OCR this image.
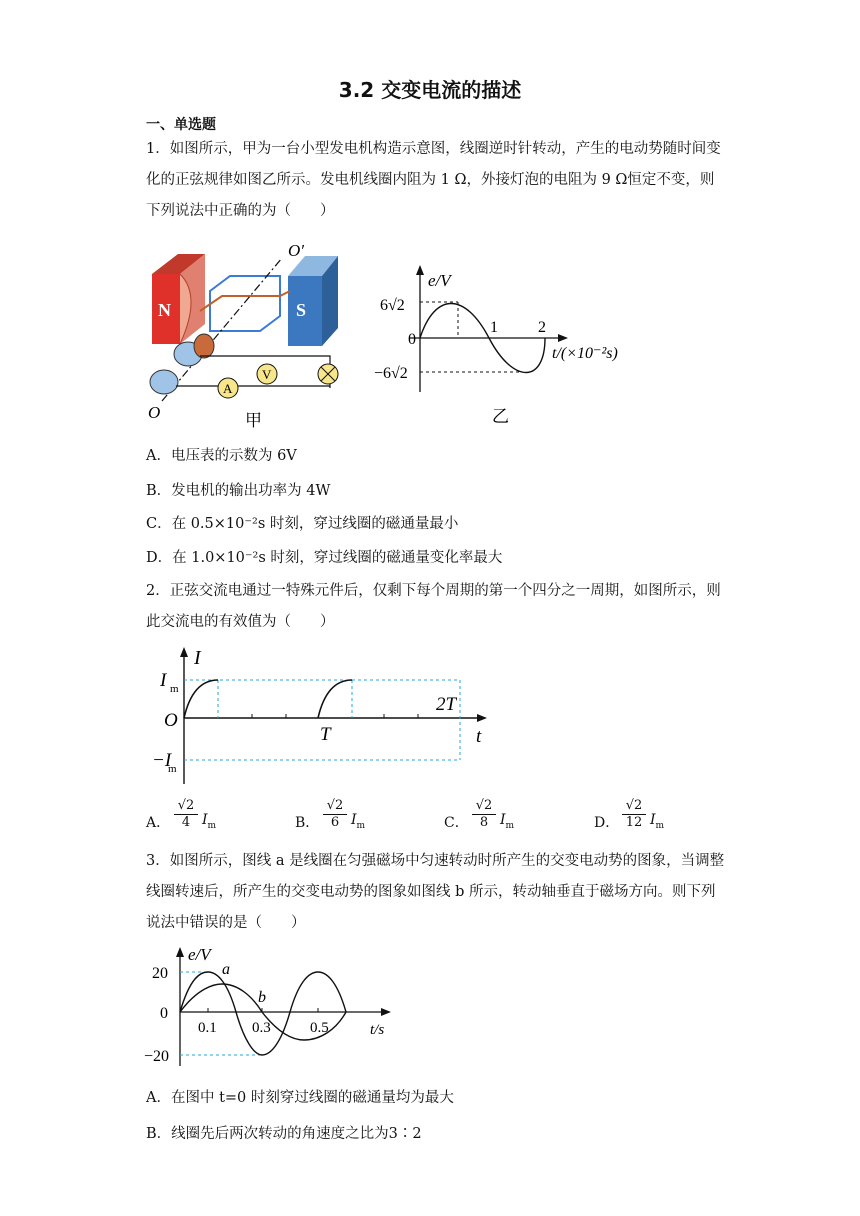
3.2 交变电流的描述
一、单选题
1．如图所示，甲为一台小型发电机构造示意图，线圈逆时针转动，产生的电动势随时间变化的正弦规律如图乙所示。发电机线圈内阻为 1 Ω，外接灯泡的电阻为 9 Ω恒定不变，则下列说法中正确的为（　　）
N	S
O′
O
A
V
甲
e/V
6√2
0
−6√2
1	2
t/(×10⁻²s)
乙
A．电压表的示数为 6V
B．发电机的输出功率为 4W
C．在 0.5×10⁻²s 时刻，穿过线圈的磁通量最小
D．在 1.0×10⁻²s 时刻，穿过线圈的磁通量变化率最大
2．正弦交流电通过一特殊元件后，仅剩下每个周期的第一个四分之一周期，如图所示，则此交流电的有效值为（　　）
I
I m
O
−I
m
T
2T
t
A． $\frac{√2}{4} I_m$	B． $\frac{√2}{6} I_m$	C． $\frac{√2}{8} I_m$	D． $\frac{√2}{12} I_m$
3．如图所示，图线 a 是线圈在匀强磁场中匀速转动时所产生的交变电动势的图象，当调整线圈转速后，所产生的交变电动势的图象如图线 b 所示，转动轴垂直于磁场方向。则下列说法中错误的是（　　）
e/V
20
0
−20
0.1 0.3	0.5	t/s
a
b
A．在图中 t=0 时刻穿过线圈的磁通量均为最大
B．线圈先后两次转动的角速度之比为3∶2
